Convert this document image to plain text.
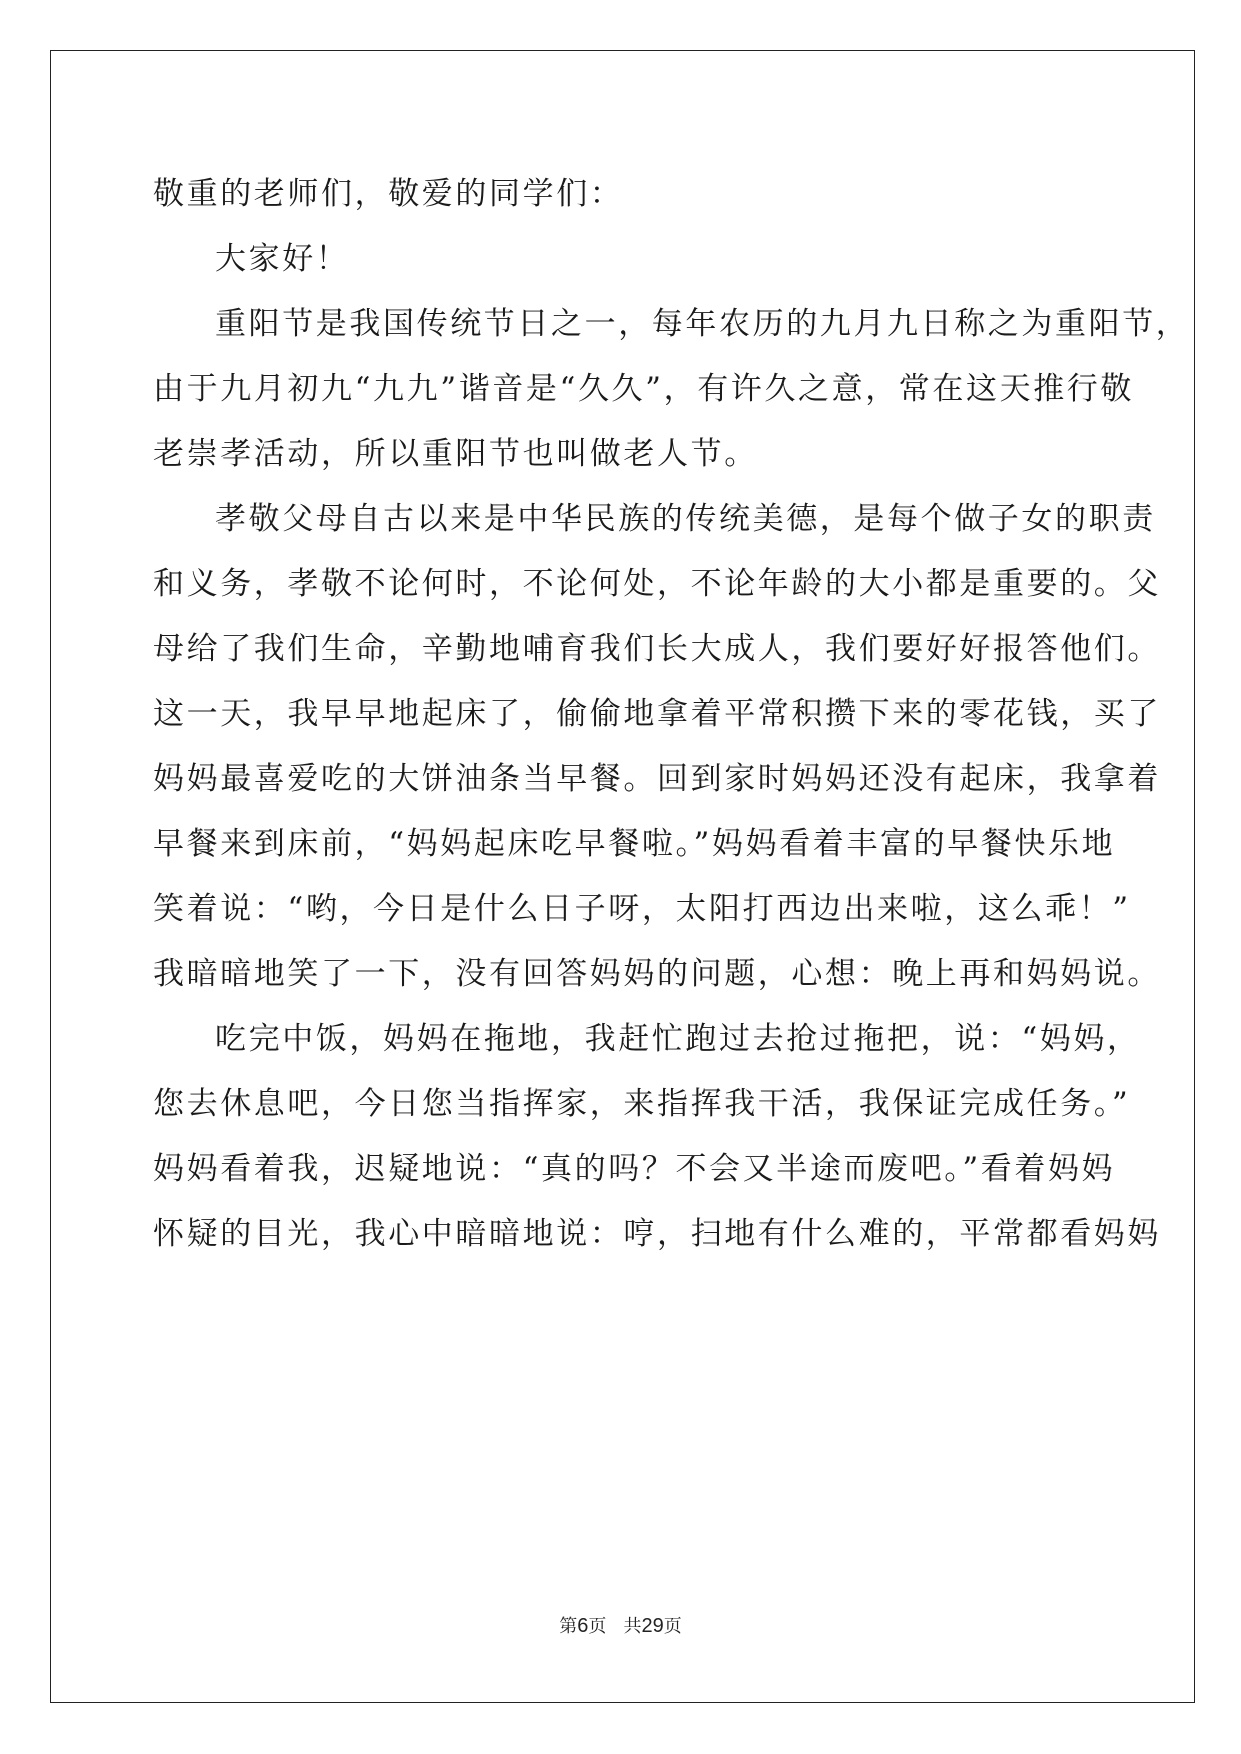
敬重的老师们，敬爱的同学们：
大家好！
重阳节是我国传统节日之一，每年农历的九月九日称之为重阳节，
由于九月初九“九九”谐音是“久久”，有许久之意，常在这天推行敬
老崇孝活动，所以重阳节也叫做老人节。
孝敬父母自古以来是中华民族的传统美德，是每个做子女的职责
和义务，孝敬不论何时，不论何处，不论年龄的大小都是重要的。父
母给了我们生命，辛勤地哺育我们长大成人，我们要好好报答他们。
这一天，我早早地起床了，偷偷地拿着平常积攒下来的零花钱，买了
妈妈最喜爱吃的大饼油条当早餐。回到家时妈妈还没有起床，我拿着
早餐来到床前，“妈妈起床吃早餐啦。”妈妈看着丰富的早餐快乐地
笑着说：“哟，今日是什么日子呀，太阳打西边出来啦，这么乖！”
我暗暗地笑了一下，没有回答妈妈的问题，心想：晚上再和妈妈说。
吃完中饭，妈妈在拖地，我赶忙跑过去抢过拖把，说：“妈妈，
您去休息吧，今日您当指挥家，来指挥我干活，我保证完成任务。”
妈妈看着我，迟疑地说：“真的吗？不会又半途而废吧。”看着妈妈
怀疑的目光，我心中暗暗地说：哼，扫地有什么难的，平常都看妈妈
第6页 共29页
